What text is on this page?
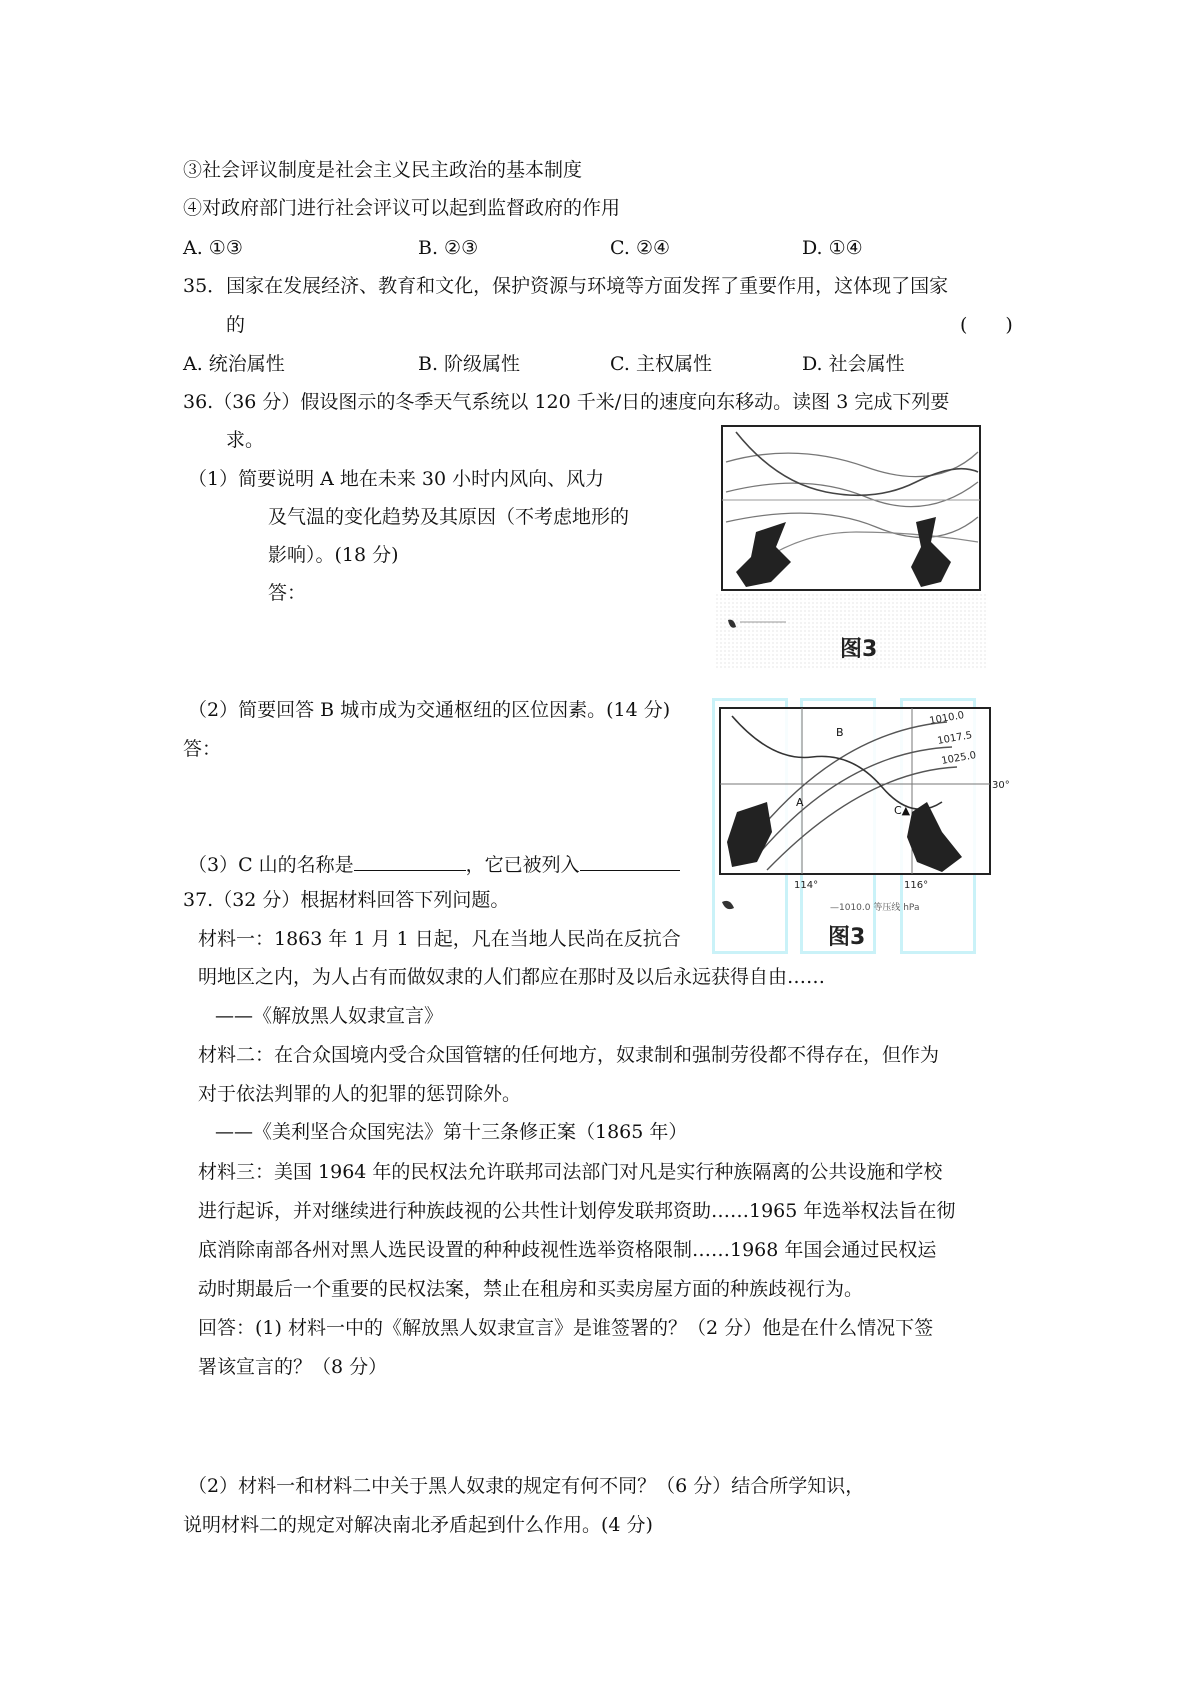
③社会评议制度是社会主义民主政治的基本制度
④对政府部门进行社会评议可以起到监督政府的作用
A. ①③	B. ②③	C. ②④	D. ①④
35．国家在发展经济、教育和文化，保护资源与环境等方面发挥了重要作用，这体现了国家
的	(　　)
A. 统治属性	B. 阶级属性	C. 主权属性	D. 社会属性
36.（36 分）假设图示的冬季天气系统以 120 千米/日的速度向东移动。读图 3 完成下列要
求。
（1）简要说明 A 地在未来 30 小时内风向、风力
及气温的变化趋势及其原因（不考虑地形的
影响）。(18 分)
答：
图3
（2）简要回答 B 城市成为交通枢纽的区位因素。(14 分)
答：
1010.0
1017.5
1025.0
30°
114°	116°
A
B
C▲
—1010.0 等压线 hPa
图3
（3）C 山的名称是	，它已被列入
37.（32 分）根据材料回答下列问题。
材料一：1863 年 1 月 1 日起，凡在当地人民尚在反抗合
明地区之内，为人占有而做奴隶的人们都应在那时及以后永远获得自由……
——《解放黑人奴隶宣言》
材料二：在合众国境内受合众国管辖的任何地方，奴隶制和强制劳役都不得存在，但作为
对于依法判罪的人的犯罪的惩罚除外。
——《美利坚合众国宪法》第十三条修正案（1865 年）
材料三：美国 1964 年的民权法允许联邦司法部门对凡是实行种族隔离的公共设施和学校
进行起诉，并对继续进行种族歧视的公共性计划停发联邦资助……1965 年选举权法旨在彻
底消除南部各州对黑人选民设置的种种歧视性选举资格限制……1968 年国会通过民权运
动时期最后一个重要的民权法案，禁止在租房和买卖房屋方面的种族歧视行为。
回答：(1) 材料一中的《解放黑人奴隶宣言》是谁签署的？（2 分）他是在什么情况下签
署该宣言的？（8 分）
（2）材料一和材料二中关于黑人奴隶的规定有何不同？（6 分）结合所学知识，
说明材料二的规定对解决南北矛盾起到什么作用。(4 分)
